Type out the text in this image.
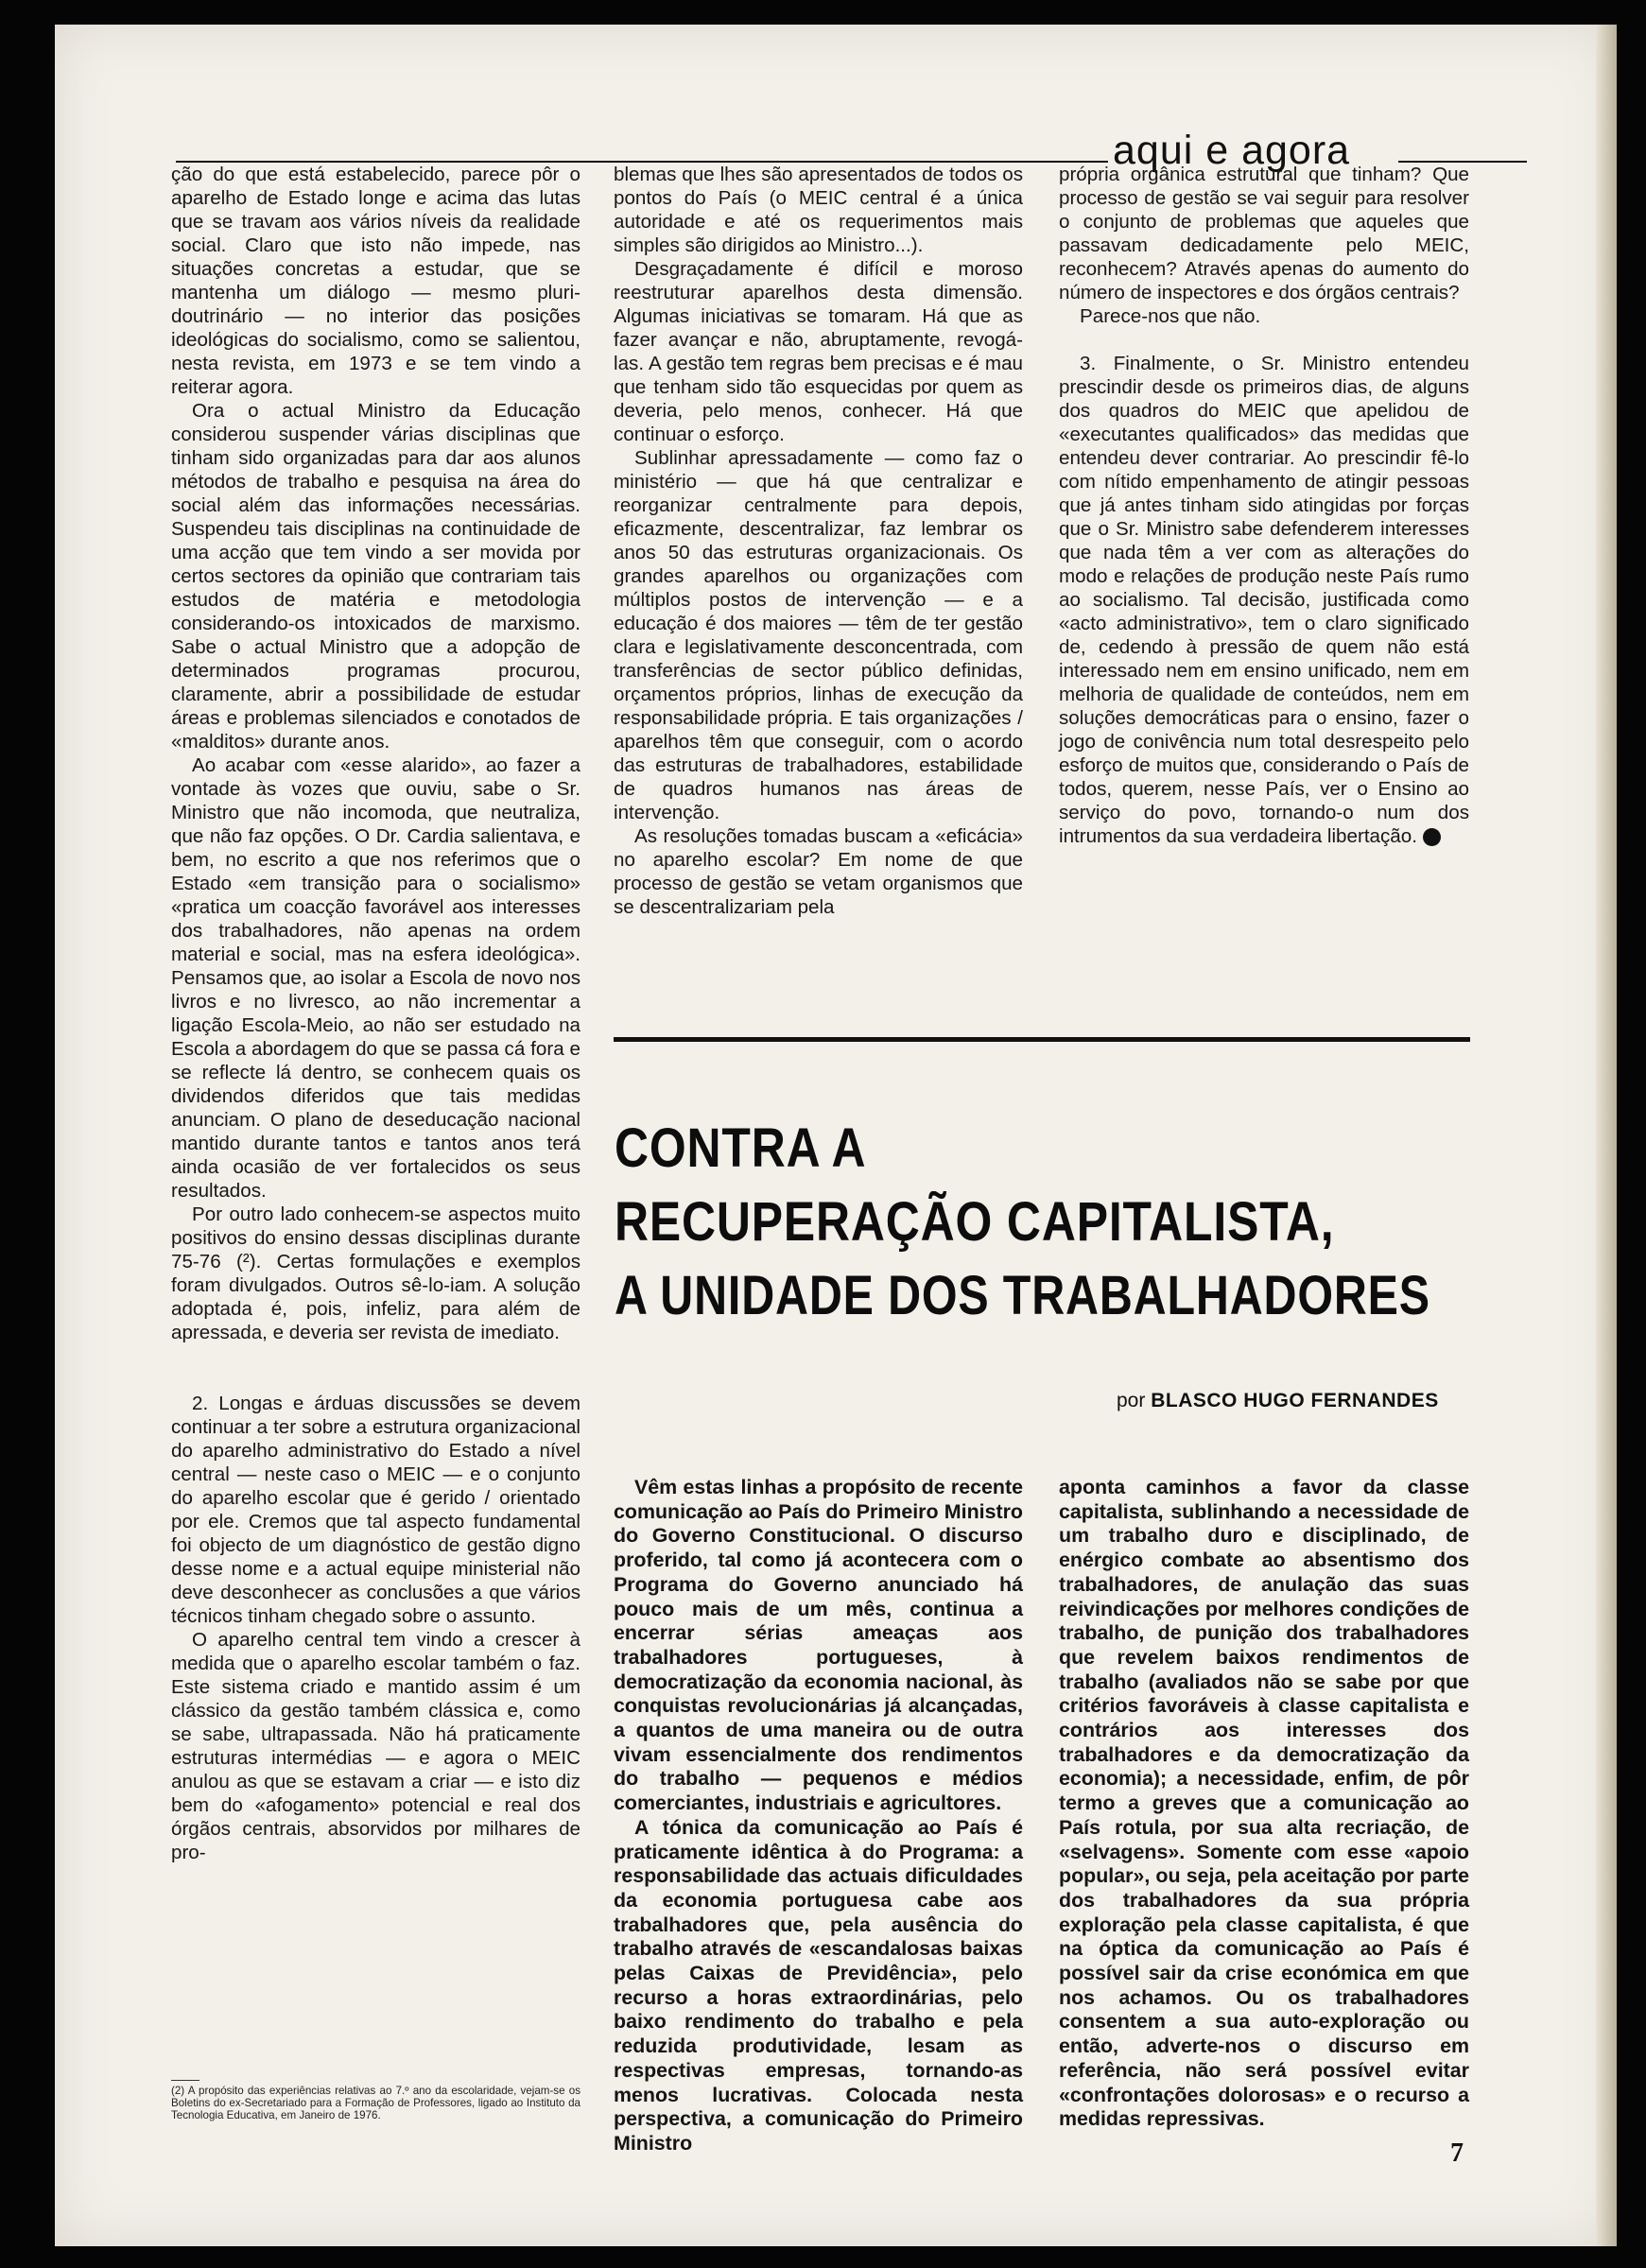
aqui e agora

ção do que está estabelecido, parece pôr o aparelho de Estado longe e acima das lutas que se travam aos vários níveis da realidade social. Claro que isto não impede, nas situações concretas a estudar, que se mantenha um diálogo — mesmo pluri-doutrinário — no interior das posições ideológicas do socialismo, como se salientou, nesta revista, em 1973 e se tem vindo a reiterar agora.

Ora o actual Ministro da Educação considerou suspender várias disciplinas que tinham sido organizadas para dar aos alunos métodos de trabalho e pesquisa na área do social além das informações necessárias. Suspendeu tais disciplinas na continuidade de uma acção que tem vindo a ser movida por certos sectores da opinião que contrariam tais estudos de matéria e metodologia considerando-os intoxicados de marxismo. Sabe o actual Ministro que a adopção de determinados programas procurou, claramente, abrir a possibilidade de estudar áreas e problemas silenciados e conotados de «malditos» durante anos.

Ao acabar com «esse alarido», ao fazer a vontade às vozes que ouviu, sabe o Sr. Ministro que não incomoda, que neutraliza, que não faz opções. O Dr. Cardia salientava, e bem, no escrito a que nos referimos que o Estado «em transição para o socialismo» «pratica um coacção favorável aos interesses dos trabalhadores, não apenas na ordem material e social, mas na esfera ideológica». Pensamos que, ao isolar a Escola de novo nos livros e no livresco, ao não incrementar a ligação Escola-Meio, ao não ser estudado na Escola a abordagem do que se passa cá fora e se reflecte lá dentro, se conhecem quais os dividendos diferidos que tais medidas anunciam. O plano de deseducação nacional mantido durante tantos e tantos anos terá ainda ocasião de ver fortalecidos os seus resultados.

Por outro lado conhecem-se aspectos muito positivos do ensino dessas disciplinas durante 75-76 (²). Certas formulações e exemplos foram divulgados. Outros sê-lo-iam. A solução adoptada é, pois, infeliz, para além de apressada, e deveria ser revista de imediato.

2. Longas e árduas discussões se devem continuar a ter sobre a estrutura organizacional do aparelho administrativo do Estado a nível central — neste caso o MEIC — e o conjunto do aparelho escolar que é gerido / orientado por ele. Cremos que tal aspecto fundamental foi objecto de um diagnóstico de gestão digno desse nome e a actual equipe ministerial não deve desconhecer as conclusões a que vários técnicos tinham chegado sobre o assunto.

O aparelho central tem vindo a crescer à medida que o aparelho escolar também o faz. Este sistema criado e mantido assim é um clássico da gestão também clássica e, como se sabe, ultrapassada. Não há praticamente estruturas intermédias — e agora o MEIC anulou as que se estavam a criar — e isto diz bem do «afogamento» potencial e real dos órgãos centrais, absorvidos por milhares de pro-

blemas que lhes são apresentados de todos os pontos do País (o MEIC central é a única autoridade e até os requerimentos mais simples são dirigidos ao Ministro...).

Desgraçadamente é difícil e moroso reestruturar aparelhos desta dimensão. Algumas iniciativas se tomaram. Há que as fazer avançar e não, abruptamente, revogá-las. A gestão tem regras bem precisas e é mau que tenham sido tão esquecidas por quem as deveria, pelo menos, conhecer. Há que continuar o esforço.

Sublinhar apressadamente — como faz o ministério — que há que centralizar e reorganizar centralmente para depois, eficazmente, descentralizar, faz lembrar os anos 50 das estruturas organizacionais. Os grandes aparelhos ou organizações com múltiplos postos de intervenção — e a educação é dos maiores — têm de ter gestão clara e legislativamente desconcentrada, com transferências de sector público definidas, orçamentos próprios, linhas de execução da responsabilidade própria. E tais organizações / aparelhos têm que conseguir, com o acordo das estruturas de trabalhadores, estabilidade de quadros humanos nas áreas de intervenção.

As resoluções tomadas buscam a «eficácia» no aparelho escolar? Em nome de que processo de gestão se vetam organismos que se descentralizariam pela

própria orgânica estrutural que tinham? Que processo de gestão se vai seguir para resolver o conjunto de problemas que aqueles que passavam dedicadamente pelo MEIC, reconhecem? Através apenas do aumento do número de inspectores e dos órgãos centrais?

Parece-nos que não.

3. Finalmente, o Sr. Ministro entendeu prescindir desde os primeiros dias, de alguns dos quadros do MEIC que apelidou de «executantes qualificados» das medidas que entendeu dever contrariar. Ao prescindir fê-lo com nítido empenhamento de atingir pessoas que já antes tinham sido atingidas por forças que o Sr. Ministro sabe defenderem interesses que nada têm a ver com as alterações do modo e relações de produção neste País rumo ao socialismo. Tal decisão, justificada como «acto administrativo», tem o claro significado de, cedendo à pressão de quem não está interessado nem em ensino unificado, nem em melhoria de qualidade de conteúdos, nem em soluções democráticas para o ensino, fazer o jogo de conivência num total desrespeito pelo esforço de muitos que, considerando o País de todos, querem, nesse País, ver o Ensino ao serviço do povo, tornando-o num dos intrumentos da sua verdadeira libertação.

CONTRA A
RECUPERAÇÃO CAPITALISTA,
A UNIDADE DOS TRABALHADORES
por BLASCO HUGO FERNANDES

Vêm estas linhas a propósito de recente comunicação ao País do Primeiro Ministro do Governo Constitucional. O discurso proferido, tal como já acontecera com o Programa do Governo anunciado há pouco mais de um mês, continua a encerrar sérias ameaças aos trabalhadores portugueses, à democratização da economia nacional, às conquistas revolucionárias já alcançadas, a quantos de uma maneira ou de outra vivam essencialmente dos rendimentos do trabalho — pequenos e médios comerciantes, industriais e agricultores.

A tónica da comunicação ao País é praticamente idêntica à do Programa: a responsabilidade das actuais dificuldades da economia portuguesa cabe aos trabalhadores que, pela ausência do trabalho através de «escandalosas baixas pelas Caixas de Previdência», pelo recurso a horas extraordinárias, pelo baixo rendimento do trabalho e pela reduzida produtividade, lesam as respectivas empresas, tornando-as menos lucrativas. Colocada nesta perspectiva, a comunicação do Primeiro Ministro

aponta caminhos a favor da classe capitalista, sublinhando a necessidade de um trabalho duro e disciplinado, de enérgico combate ao absentismo dos trabalhadores, de anulação das suas reivindicações por melhores condições de trabalho, de punição dos trabalhadores que revelem baixos rendimentos de trabalho (avaliados não se sabe por que critérios favoráveis à classe capitalista e contrários aos interesses dos trabalhadores e da democratização da economia); a necessidade, enfim, de pôr termo a greves que a comunicação ao País rotula, por sua alta recriação, de «selvagens». Somente com esse «apoio popular», ou seja, pela aceitação por parte dos trabalhadores da sua própria exploração pela classe capitalista, é que na óptica da comunicação ao País é possível sair da crise económica em que nos achamos. Ou os trabalhadores consentem a sua auto-exploração ou então, adverte-nos o discurso em referência, não será possível evitar «confrontações dolorosas» e o recurso a medidas repressivas.

(2) A propósito das experiências relativas ao 7.º ano da escolaridade, vejam-se os Boletins do ex-Secretariado para a Formação de Professores, ligado ao Instituto da Tecnologia Educativa, em Janeiro de 1976.
7
